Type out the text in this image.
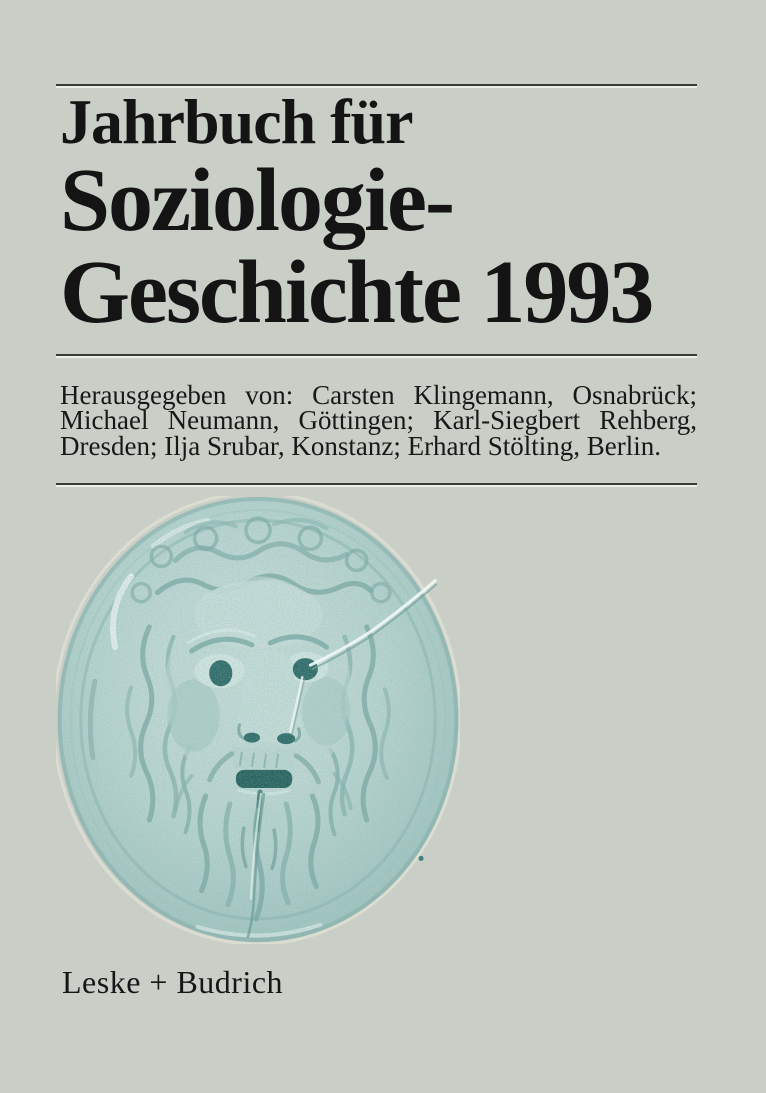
Jahrbuch für
Soziologie-
Geschichte 1993
Herausgegeben von: Carsten Klingemann, Osnabrück;
Michael Neumann, Göttingen; Karl-Siegbert Rehberg,
Dresden; Ilja Srubar, Konstanz; Erhard Stölting, Berlin.
Leske + Budrich
